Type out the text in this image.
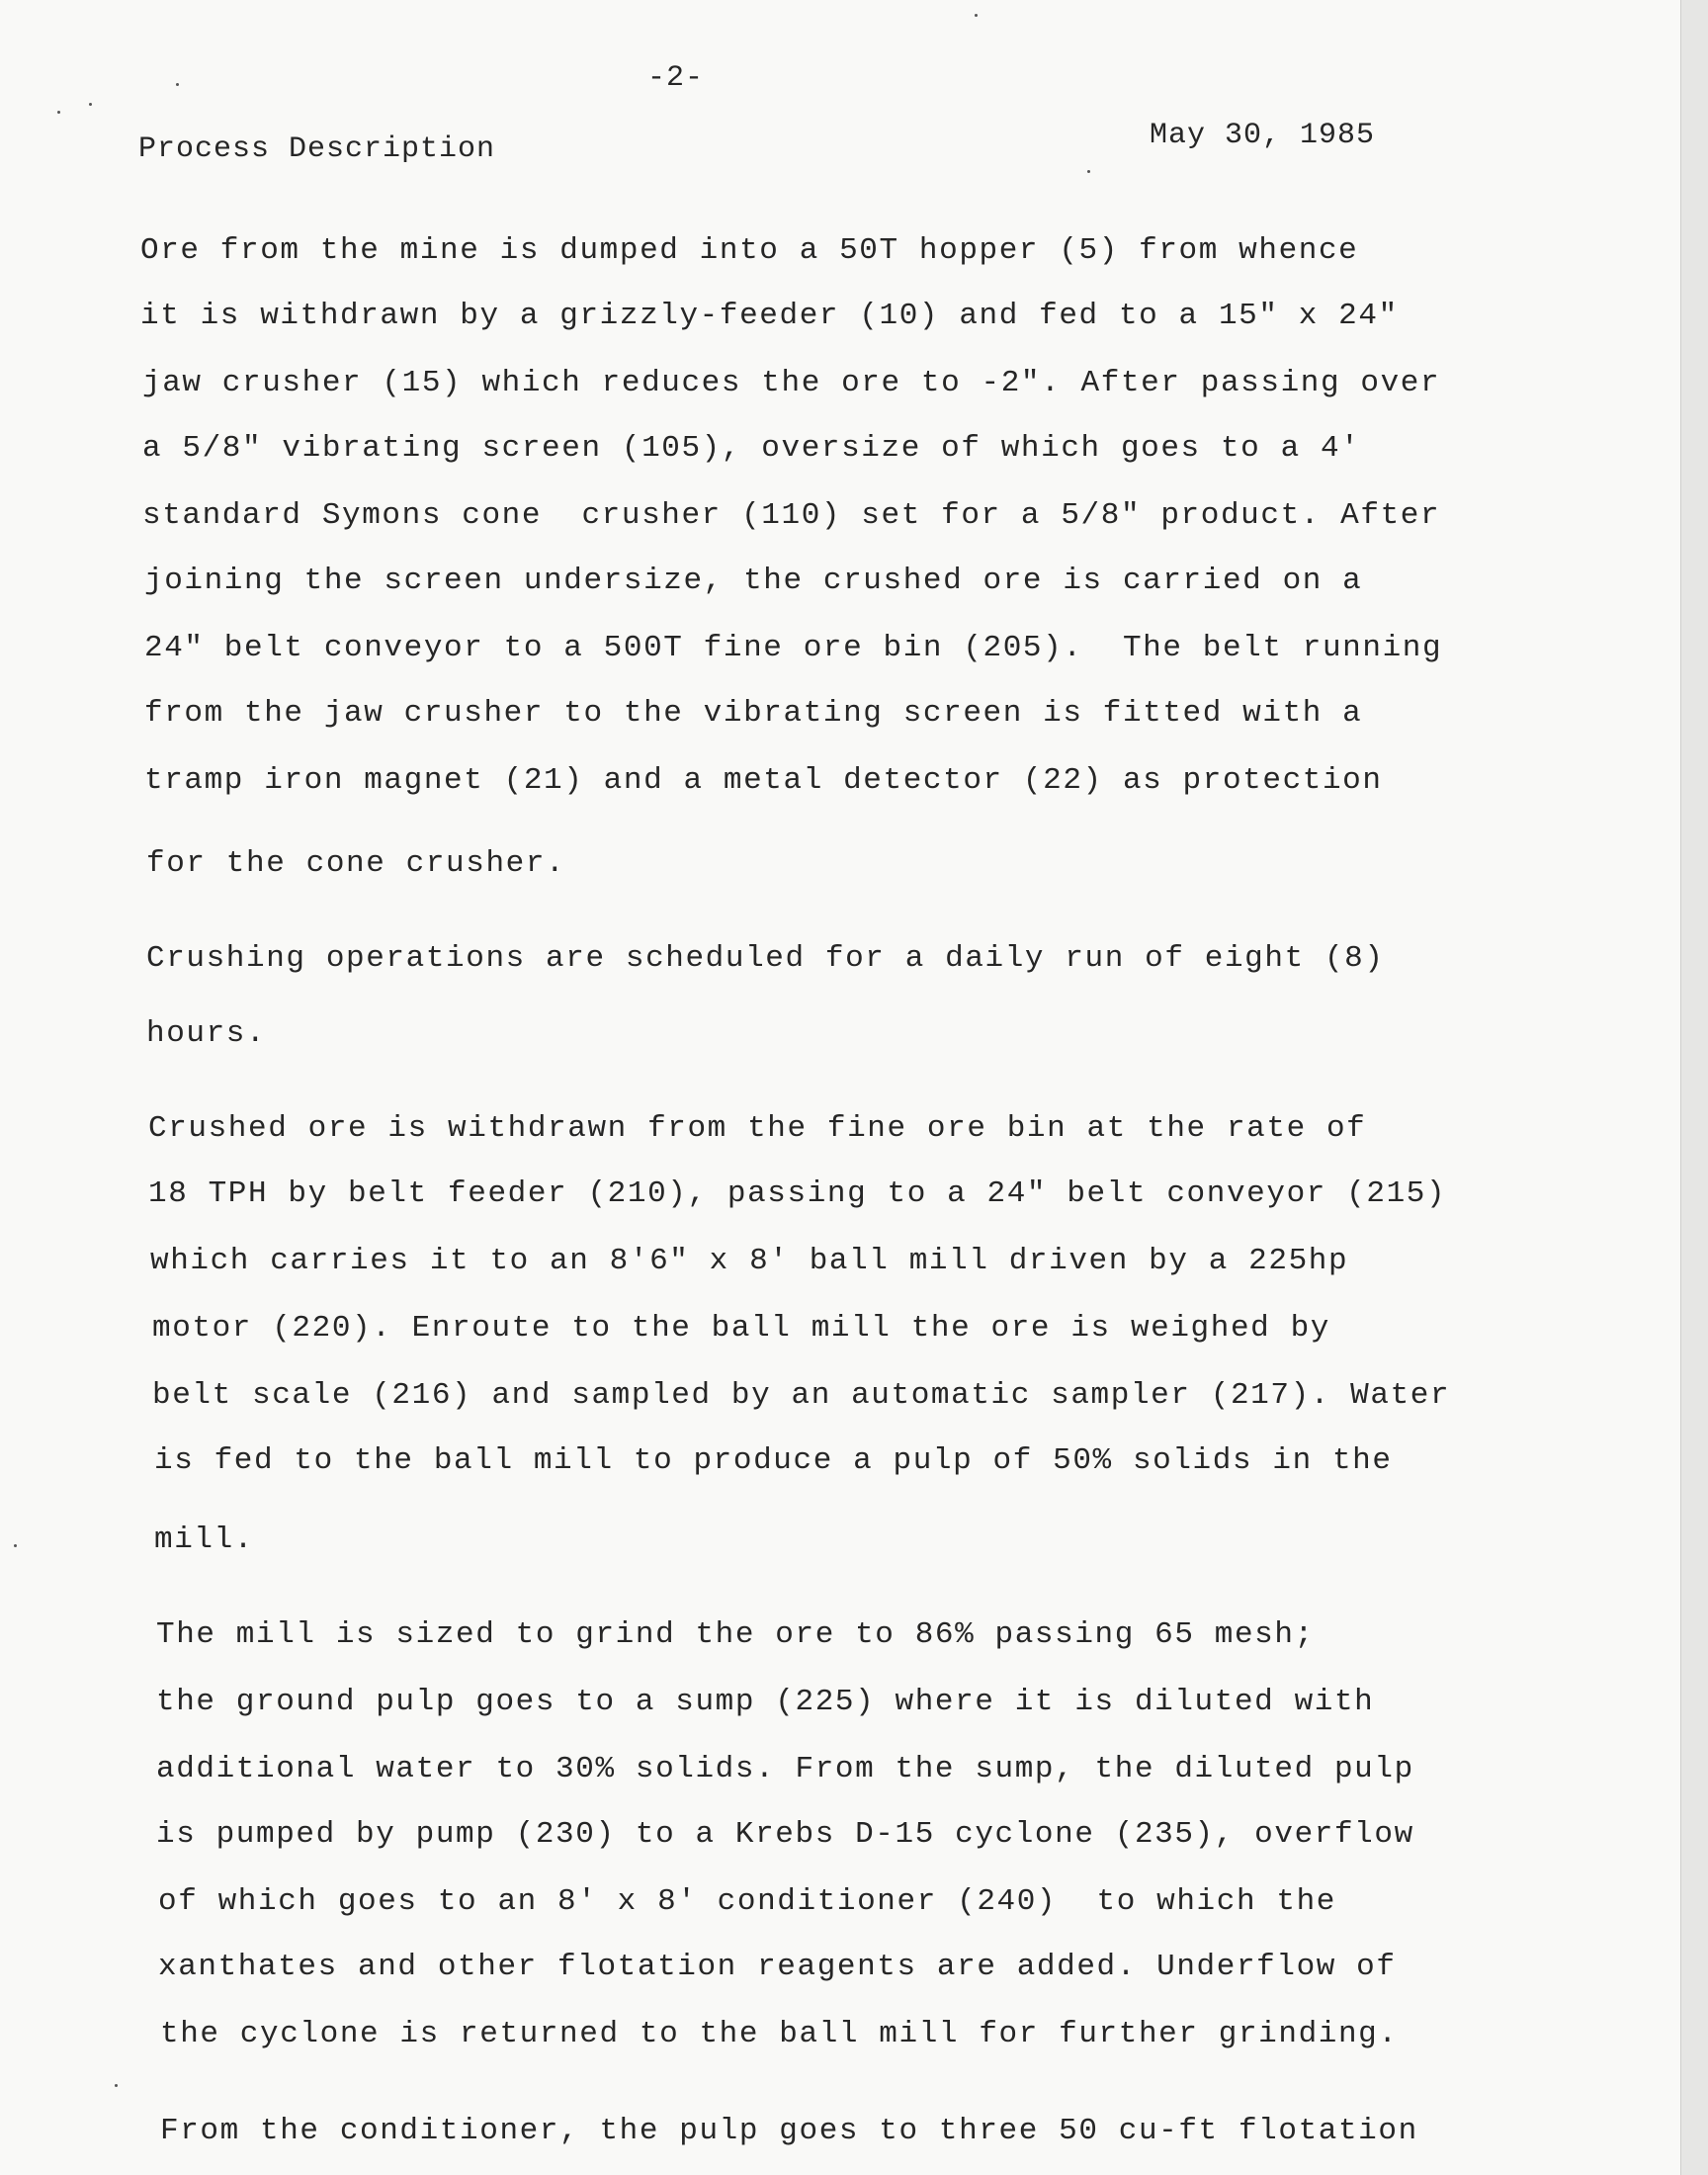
-2-
Process Description	May 30, 1985
Ore from the mine is dumped into a 50T hopper (5) from whence
it is withdrawn by a grizzly-feeder (10) and fed to a 15" x 24"
jaw crusher (15) which reduces the ore to -2". After passing over
a 5/8" vibrating screen (105), oversize of which goes to a 4'
standard Symons cone  crusher (110) set for a 5/8" product. After
joining the screen undersize, the crushed ore is carried on a
24" belt conveyor to a 500T fine ore bin (205).  The belt running
from the jaw crusher to the vibrating screen is fitted with a
tramp iron magnet (21) and a metal detector (22) as protection
for the cone crusher.
Crushing operations are scheduled for a daily run of eight (8)
hours.
Crushed ore is withdrawn from the fine ore bin at the rate of
18 TPH by belt feeder (210), passing to a 24" belt conveyor (215)
which carries it to an 8'6" x 8' ball mill driven by a 225hp
motor (220). Enroute to the ball mill the ore is weighed by
belt scale (216) and sampled by an automatic sampler (217). Water
is fed to the ball mill to produce a pulp of 50% solids in the
mill.
The mill is sized to grind the ore to 86% passing 65 mesh;
the ground pulp goes to a sump (225) where it is diluted with
additional water to 30% solids. From the sump, the diluted pulp
is pumped by pump (230) to a Krebs D-15 cyclone (235), overflow
of which goes to an 8' x 8' conditioner (240)  to which the
xanthates and other flotation reagents are added. Underflow of
the cyclone is returned to the ball mill for further grinding.
From the conditioner, the pulp goes to three 50 cu-ft flotation
